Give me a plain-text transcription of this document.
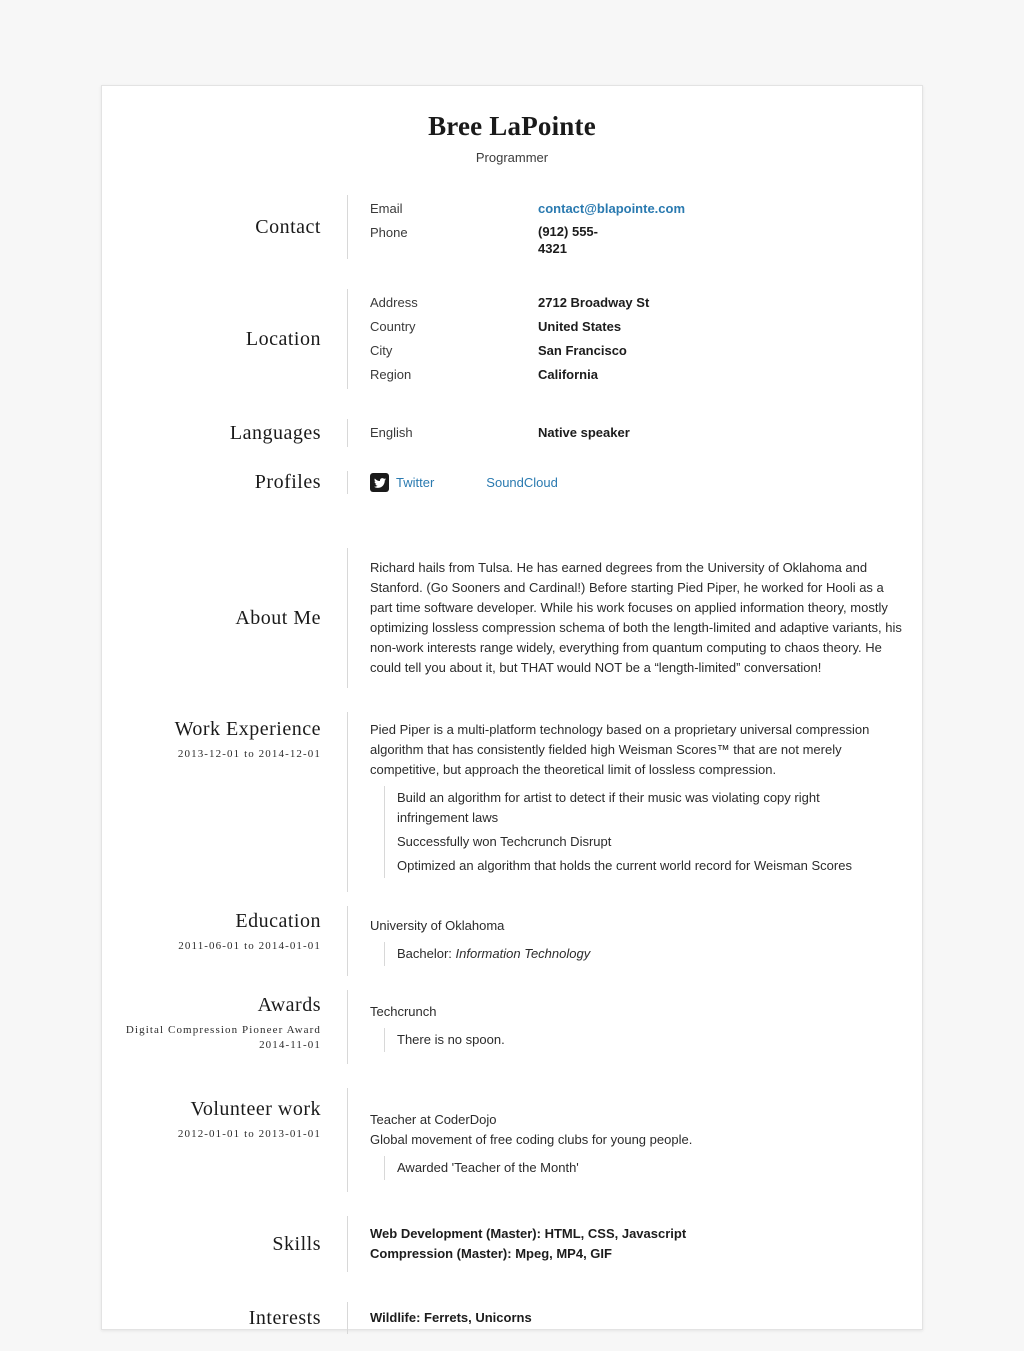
Bree LaPointe
Programmer
Contact
Email	contact@blapointe.com
Phone	(912) 555-4321
Location
Address	2712 Broadway St
Country	United States
City	San Francisco
Region	California
Languages	English	Native speaker
Profiles	Twitter	SoundCloud
About Me
Richard hails from Tulsa. He has earned degrees from the University of Oklahoma and Stanford. (Go Sooners and Cardinal!) Before starting Pied Piper, he worked for Hooli as a part time software developer. While his work focuses on applied information theory, mostly optimizing lossless compression schema of both the length-limited and adaptive variants, his non-work interests range widely, everything from quantum computing to chaos theory. He could tell you about it, but THAT would NOT be a “length-limited” conversation!
Work Experience
2013-12-01 to 2014-12-01
Pied Piper is a multi-platform technology based on a proprietary universal compression algorithm that has consistently fielded high Weisman Scores™ that are not merely competitive, but approach the theoretical limit of lossless compression.
Build an algorithm for artist to detect if their music was violating copy right infringement laws
Successfully won Techcrunch Disrupt
Optimized an algorithm that holds the current world record for Weisman Scores
Education
2011-06-01 to 2014-01-01
University of Oklahoma
Bachelor: Information Technology
Awards
Digital Compression Pioneer Award
2014-11-01
Techcrunch
There is no spoon.
Volunteer work
2012-01-01 to 2013-01-01
Teacher at CoderDojo
Global movement of free coding clubs for young people.
Awarded 'Teacher of the Month'
Skills	Web Development (Master): HTML, CSS, Javascript
Compression (Master): Mpeg, MP4, GIF
Interests	Wildlife: Ferrets, Unicorns
